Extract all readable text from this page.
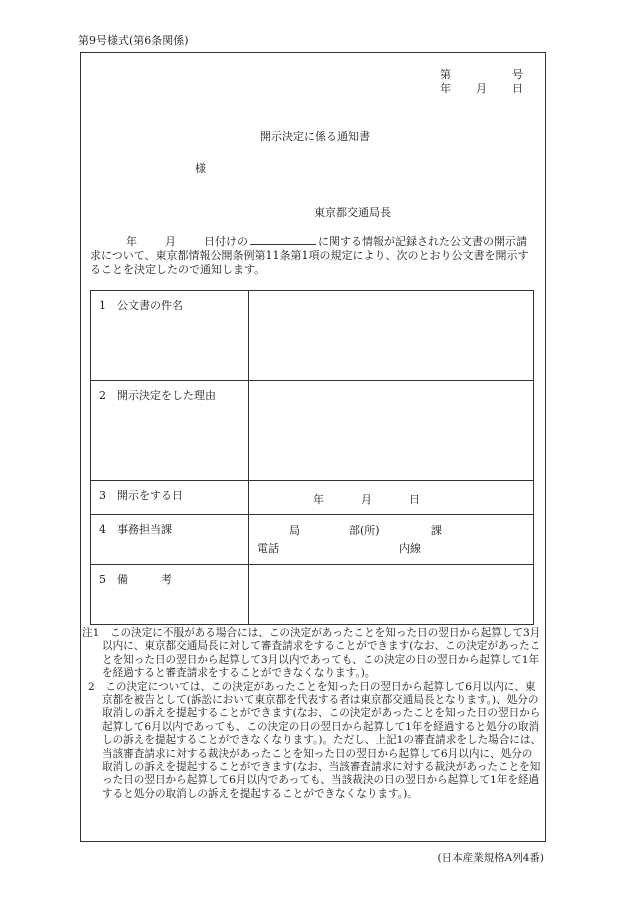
第9号様式(第6条関係)
第	号
年 月 日
開示決定に係る通知書
様
東京都交通局長
年	月	日付けの	に関する情報が記録された公文書の開示請求について、東京都情報公開条例第11条第1項の規定により、次のとおり公文書を開示することを決定したので通知します。
1　公文書の件名	
2　開示決定をした理由	
3　開示をする日	年 月 日

4　事務担当課	局 部(所) 課
電話 内線

5　備　　　考	
注1　この決定に不服がある場合には、この決定があったことを知った日の翌日から起算して3月以内に、東京都交通局長に対して審査請求をすることができます(なお、この決定があったことを知った日の翌日から起算して3月以内であっても、この決定の日の翌日から起算して1年を経過すると審査請求をすることができなくなります。)。
2　この決定については、この決定があったことを知った日の翌日から起算して6月以内に、東京都を被告として(訴訟において東京都を代表する者は東京都交通局長となります。)、処分の取消しの訴えを提起することができます(なお、この決定があったことを知った日の翌日から起算して6月以内であっても、この決定の日の翌日から起算して1年を経過すると処分の取消しの訴えを提起することができなくなります。)。ただし、上記1の審査請求をした場合には、当該審査請求に対する裁決があったことを知った日の翌日から起算して6月以内に、処分の取消しの訴えを提起することができます(なお、当該審査請求に対する裁決があったことを知った日の翌日から起算して6月以内であっても、当該裁決の日の翌日から起算して1年を経過すると処分の取消しの訴えを提起することができなくなります。)。
(日本産業規格A列4番)
